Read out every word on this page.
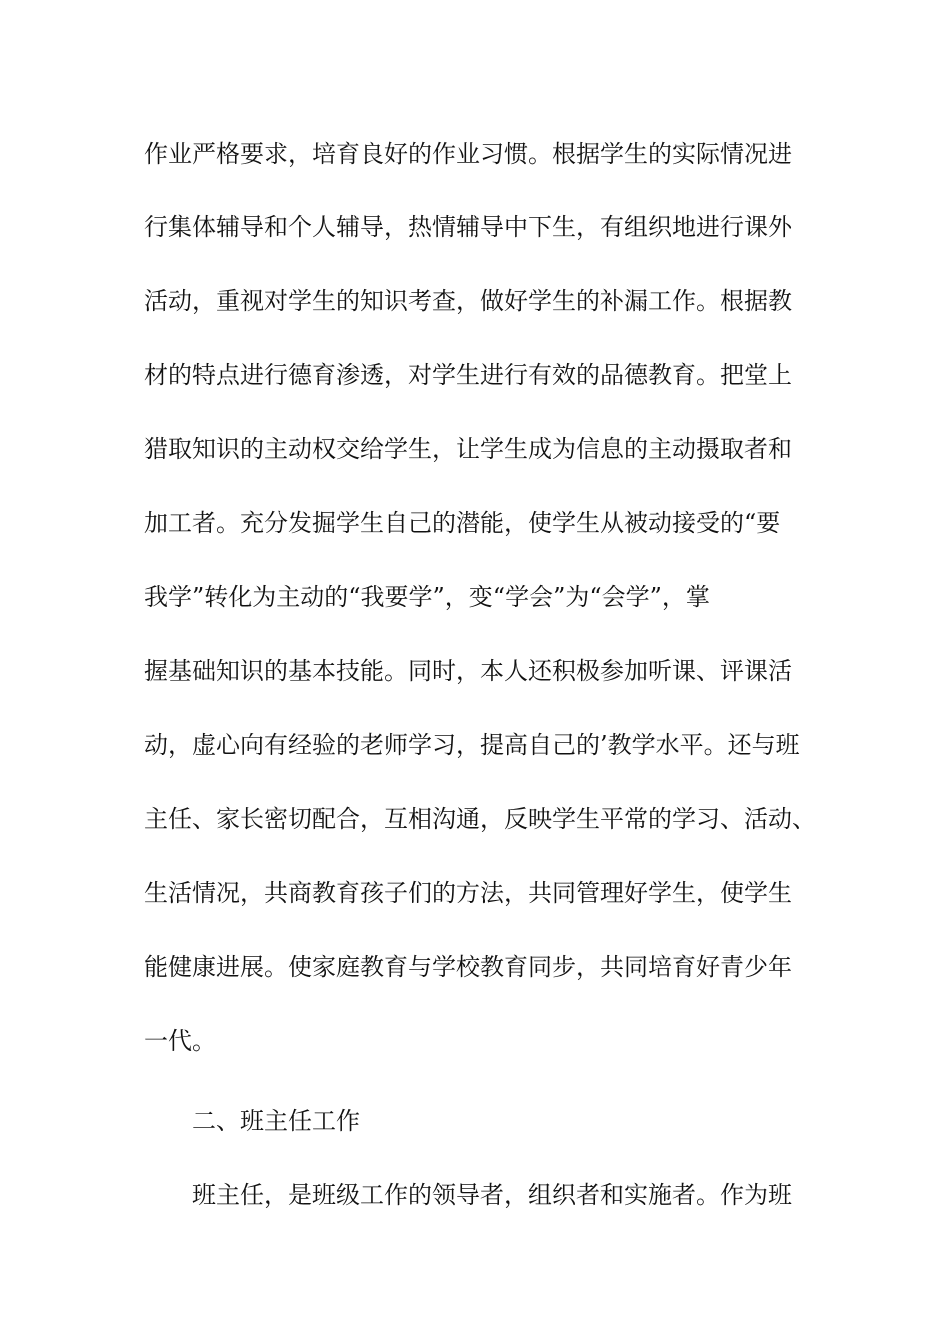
作业严格要求，培育良好的作业习惯。根据学生的实际情况进
行集体辅导和个人辅导，热情辅导中下生，有组织地进行课外
活动，重视对学生的知识考查，做好学生的补漏工作。根据教
材的特点进行德育渗透，对学生进行有效的品德教育。把堂上
猎取知识的主动权交给学生，让学生成为信息的主动摄取者和
加工者。充分发掘学生自己的潜能，使学生从被动接受的“要
我学”转化为主动的“我要学”，变“学会”为“会学”，掌
握基础知识的基本技能。同时，本人还积极参加听课、评课活
动，虚心向有经验的老师学习，提高自己的’教学水平。还与班
主任、家长密切配合，互相沟通，反映学生平常的学习、活动、
生活情况，共商教育孩子们的方法，共同管理好学生，使学生
能健康进展。使家庭教育与学校教育同步，共同培育好青少年
一代。
二、班主任工作
班主任，是班级工作的领导者，组织者和实施者。作为班
